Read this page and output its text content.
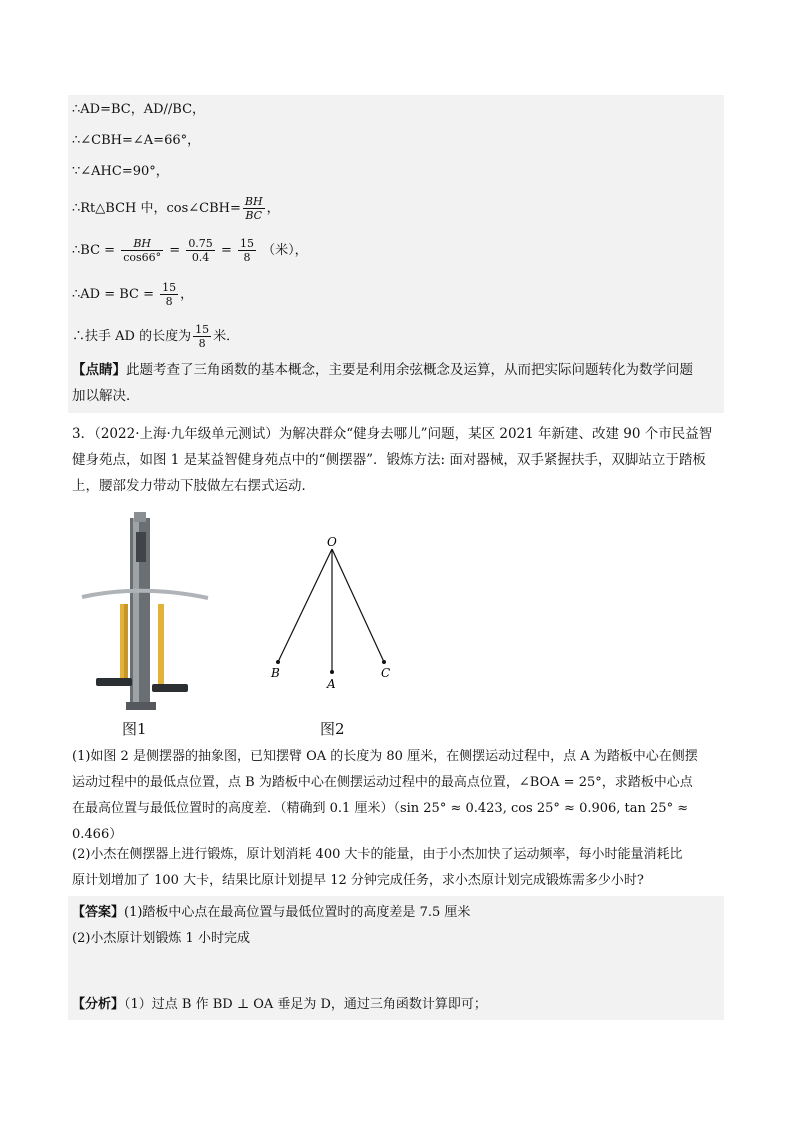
∴AD=BC，AD//BC，
∴∠CBH=∠A=66°，
∵∠AHC=90°，
∴Rt△BCH 中，cos∠CBH= $\frac{BH}{BC}$ ，
∴BC = $\frac{BH}{\cos 66^\circ} = \frac{0.75}{0.4} = \frac{15}{8}$ （米），
∴AD = BC = $\frac{15}{8}$ ，
∴扶手 AD 的长度为 $\frac{15}{8}$ 米．
【点睛】此题考查了三角函数的基本概念，主要是利用余弦概念及运算，从而把实际问题转化为数学问题
加以解决．
3．（2022·上海·九年级单元测试）为解决群众“健身去哪儿”问题，某区 2021 年新建、改建 90 个市民益智
健身苑点，如图 1 是某益智健身苑点中的“侧摆器”．锻炼方法: 面对器械，双手紧握扶手，双脚站立于踏板
上，腰部发力带动下肢做左右摆式运动．
图1
O
B
A
C
图2
(1)如图 2 是侧摆器的抽象图，已知摆臂 OA 的长度为 80 厘米，在侧摆运动过程中，点 A 为踏板中心在侧摆
运动过程中的最低点位置，点 B 为踏板中心在侧摆运动过程中的最高点位置，∠BOA = 25°，求踏板中心点
在最高位置与最低位置时的高度差．（精确到 0.1 厘米）（sin 25° ≈ 0.423, cos 25° ≈ 0.906, tan 25° ≈ 0.466）
(2)小杰在侧摆器上进行锻炼，原计划消耗 400 大卡的能量，由于小杰加快了运动频率，每小时能量消耗比
原计划增加了 100 大卡，结果比原计划提早 12 分钟完成任务，求小杰原计划完成锻炼需多少小时?
【答案】(1)踏板中心点在最高位置与最低位置时的高度差是 7.5 厘米
(2)小杰原计划锻炼 1 小时完成
【分析】（1）过点 B 作 BD ⊥ OA 垂足为 D，通过三角函数计算即可；
